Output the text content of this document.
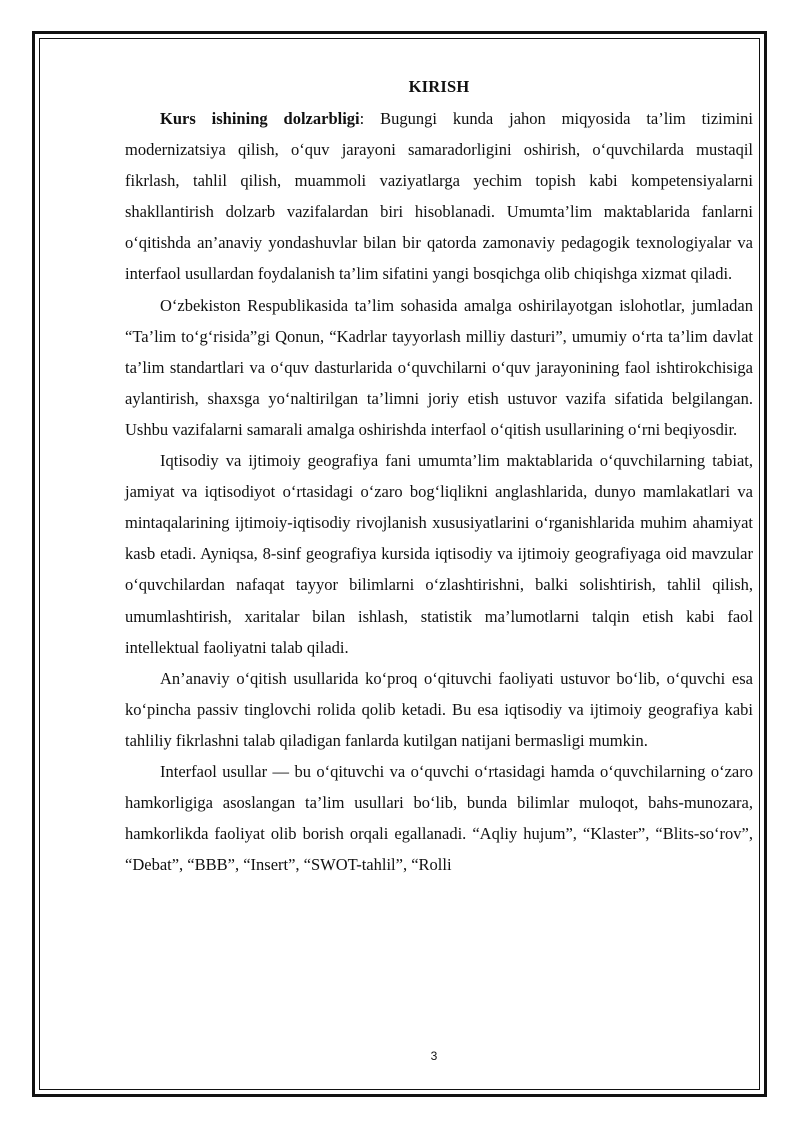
KIRISH

Kurs ishining dolzarbligi: Bugungi kunda jahon miqyosida ta’lim tizimini modernizatsiya qilish, o‘quv jarayoni samaradorligini oshirish, o‘quvchilarda mustaqil fikrlash, tahlil qilish, muammoli vaziyatlarga yechim topish kabi kompetensiyalarni shakllantirish dolzarb vazifalardan biri hisoblanadi. Umumta’lim maktablarida fanlarni o‘qitishda an’anaviy yondashuvlar bilan bir qatorda zamonaviy pedagogik texnologiyalar va interfaol usullardan foydalanish ta’lim sifatini yangi bosqichga olib chiqishga xizmat qiladi.

O‘zbekiston Respublikasida ta’lim sohasida amalga oshirilayotgan islohotlar, jumladan “Ta’lim to‘g‘risida”gi Qonun, “Kadrlar tayyorlash milliy dasturi”, umumiy o‘rta ta’lim davlat ta’lim standartlari va o‘quv dasturlarida o‘quvchilarni o‘quv jarayonining faol ishtirokchisiga aylantirish, shaxsga yo‘naltirilgan ta’limni joriy etish ustuvor vazifa sifatida belgilangan. Ushbu vazifalarni samarali amalga oshirishda interfaol o‘qitish usullarining o‘rni beqiyosdir.

Iqtisodiy va ijtimoiy geografiya fani umumta’lim maktablarida o‘quvchilarning tabiat, jamiyat va iqtisodiyot o‘rtasidagi o‘zaro bog‘liqlikni anglashlarida, dunyo mamlakatlari va mintaqalarining ijtimoiy-iqtisodiy rivojlanish xususiyatlarini o‘rganishlarida muhim ahamiyat kasb etadi. Ayniqsa, 8-sinf geografiya kursida iqtisodiy va ijtimoiy geografiyaga oid mavzular o‘quvchilardan nafaqat tayyor bilimlarni o‘zlashtirishni, balki solishtirish, tahlil qilish, umumlashtirish, xaritalar bilan ishlash, statistik ma’lumotlarni talqin etish kabi faol intellektual faoliyatni talab qiladi.

An’anaviy o‘qitish usullarida ko‘proq o‘qituvchi faoliyati ustuvor bo‘lib, o‘quvchi esa ko‘pincha passiv tinglovchi rolida qolib ketadi. Bu esa iqtisodiy va ijtimoiy geografiya kabi tahliliy fikrlashni talab qiladigan fanlarda kutilgan natijani bermasligi mumkin.

Interfaol usullar — bu o‘qituvchi va o‘quvchi o‘rtasidagi hamda o‘quvchilarning o‘zaro hamkorligiga asoslangan ta’lim usullari bo‘lib, bunda bilimlar muloqot, bahs-munozara, hamkorlikda faoliyat olib borish orqali egallanadi. “Aqliy hujum”, “Klaster”, “Blits-so‘rov”, “Debat”, “BBB”, “Insert”, “SWOT-tahlil”, “Rolli

3
